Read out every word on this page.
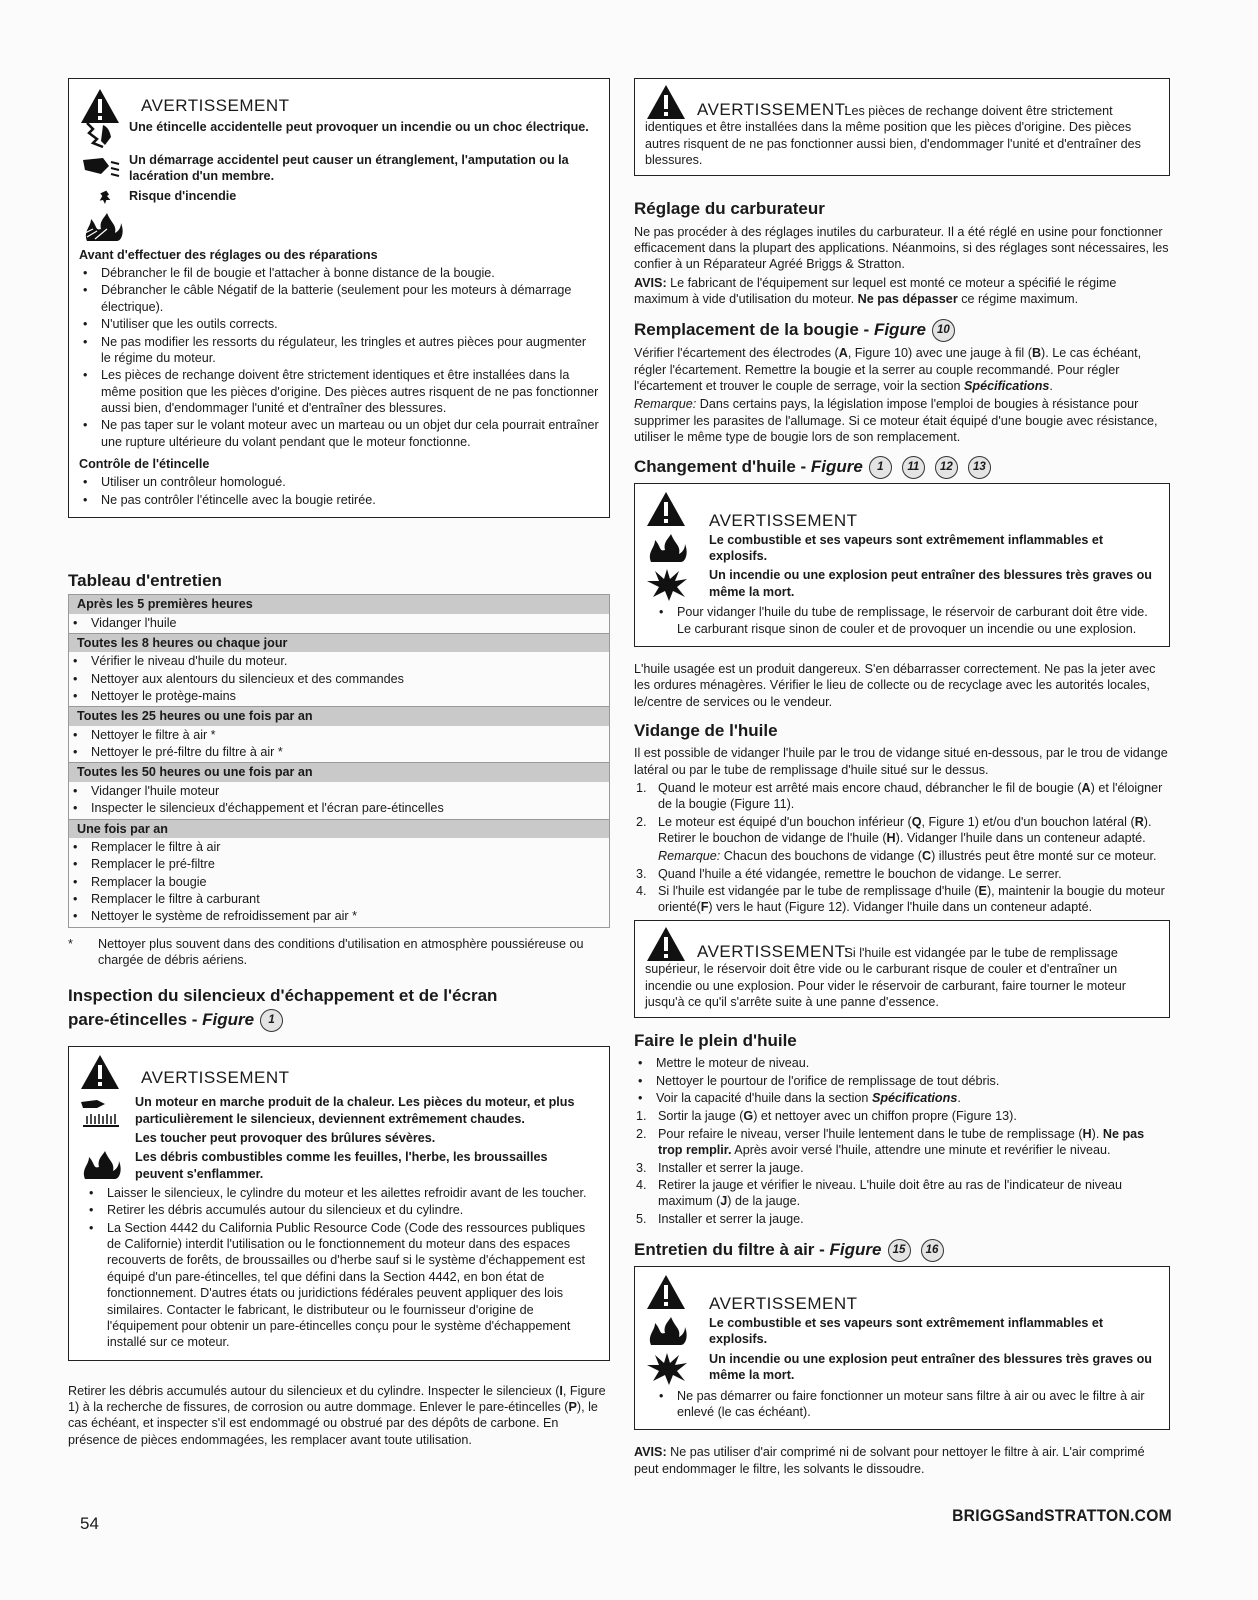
AVERTISSEMENT
Une étincelle accidentelle peut provoquer un incendie ou un choc électrique.
Un démarrage accidentel peut causer un étranglement, l'amputation ou la lacération d'un membre.
Risque d'incendie
Avant d'effectuer des réglages ou des réparations
• Débrancher le fil de bougie et l'attacher à bonne distance de la bougie.
• Débrancher le câble Négatif de la batterie (seulement pour les moteurs à démarrage électrique).
• N'utiliser que les outils corrects.
• Ne pas modifier les ressorts du régulateur, les tringles et autres pièces pour augmenter le régime du moteur.
• Les pièces de rechange doivent être strictement identiques et être installées dans la même position que les pièces d'origine. Des pièces autres risquent de ne pas fonctionner aussi bien, d'endommager l'unité et d'entraîner des blessures.
• Ne pas taper sur le volant moteur avec un marteau ou un objet dur cela pourrait entraîner une rupture ultérieure du volant pendant que le moteur fonctionne.
Contrôle de l'étincelle
• Utiliser un contrôleur homologué.
• Ne pas contrôler l'étincelle avec la bougie retirée.
Tableau d'entretien
Après les 5 premières heures
• Vidanger l'huile
Toutes les 8 heures ou chaque jour
• Vérifier le niveau d'huile du moteur.
• Nettoyer aux alentours du silencieux et des commandes
• Nettoyer le protège-mains
Toutes les 25 heures ou une fois par an
• Nettoyer le filtre à air *
• Nettoyer le pré-filtre du filtre à air *
Toutes les 50 heures ou une fois par an
• Vidanger l'huile moteur
• Inspecter le silencieux d'échappement et l'écran pare-étincelles
Une fois par an
• Remplacer le filtre à air
• Remplacer le pré-filtre
• Remplacer la bougie
• Remplacer le filtre à carburant
• Nettoyer le système de refroidissement par air *
*	Nettoyer plus souvent dans des conditions d'utilisation en atmosphère poussiéreuse ou chargée de débris aériens.
Inspection du silencieux d'échappement et de l'écran
pare-étincelles - Figure 1
AVERTISSEMENT
Un moteur en marche produit de la chaleur. Les pièces du moteur, et plus particulièrement le silencieux, deviennent extrêmement chaudes.
Les toucher peut provoquer des brûlures sévères.
Les débris combustibles comme les feuilles, l'herbe, les broussailles peuvent s'enflammer.
• Laisser le silencieux, le cylindre du moteur et les ailettes refroidir avant de les toucher.
• Retirer les débris accumulés autour du silencieux et du cylindre.
• La Section 4442 du California Public Resource Code (Code des ressources publiques de Californie) interdit l'utilisation ou le fonctionnement du moteur dans des espaces recouverts de forêts, de broussailles ou d'herbe sauf si le système d'échappement est équipé d'un pare-étincelles, tel que défini dans la Section 4442, en bon état de fonctionnement. D'autres états ou juridictions fédérales peuvent appliquer des lois similaires. Contacter le fabricant, le distributeur ou le fournisseur d'origine de l'équipement pour obtenir un pare-étincelles conçu pour le système d'échappement installé sur ce moteur.

Retirer les débris accumulés autour du silencieux et du cylindre. Inspecter le silencieux (I, Figure 1) à la recherche de fissures, de corrosion ou autre dommage. Enlever le pare-étincelles (P), le cas échéant, et inspecter s'il est endommagé ou obstrué par des dépôts de carbone. En présence de pièces endommagées, les remplacer avant toute utilisation.

AVERTISSEMENT:
Les pièces de rechange doivent être strictement identiques et être installées dans la même position que les pièces d'origine. Des pièces autres risquent de ne pas fonctionner aussi bien, d'endommager l'unité et d'entraîner des blessures.
Réglage du carburateur

Ne pas procéder à des réglages inutiles du carburateur. Il a été réglé en usine pour fonctionner efficacement dans la plupart des applications. Néanmoins, si des réglages sont nécessaires, les confier à un Réparateur Agréé Briggs & Stratton.

AVIS: Le fabricant de l'équipement sur lequel est monté ce moteur a spécifié le régime maximum à vide d'utilisation du moteur. Ne pas dépasser ce régime maximum.

Remplacement de la bougie - Figure 10

Vérifier l'écartement des électrodes (A, Figure 10) avec une jauge à fil (B). Le cas échéant, régler l'écartement. Remettre la bougie et la serrer au couple recommandé. Pour régler l'écartement et trouver le couple de serrage, voir la section Spécifications.

Remarque: Dans certains pays, la législation impose l'emploi de bougies à résistance pour supprimer les parasites de l'allumage. Si ce moteur était équipé d'une bougie avec résistance, utiliser le même type de bougie lors de son remplacement.

Changement d'huile - Figure 1 11 12 13
AVERTISSEMENT
Le combustible et ses vapeurs sont extrêmement inflammables et explosifs.
Un incendie ou une explosion peut entraîner des blessures très graves ou même la mort.
• Pour vidanger l'huile du tube de remplissage, le réservoir de carburant doit être vide. Le carburant risque sinon de couler et de provoquer un incendie ou une explosion.

L'huile usagée est un produit dangereux. S'en débarrasser correctement. Ne pas la jeter avec les ordures ménagères. Vérifier le lieu de collecte ou de recyclage avec les autorités locales, le/centre de services ou le vendeur.

Vidange de l'huile

Il est possible de vidanger l'huile par le trou de vidange situé en-dessous, par le trou de vidange latéral ou par le tube de remplissage d'huile situé sur le dessus.

1. Quand le moteur est arrêté mais encore chaud, débrancher le fil de bougie (A) et l'éloigner de la bougie (Figure 11).
2. Le moteur est équipé d'un bouchon inférieur (Q, Figure 1) et/ou d'un bouchon latéral (R). Retirer le bouchon de vidange de l'huile (H). Vidanger l'huile dans un conteneur adapté.
Remarque: Chacun des bouchons de vidange (C) illustrés peut être monté sur ce moteur.
3. Quand l'huile a été vidangée, remettre le bouchon de vidange. Le serrer.
4. Si l'huile est vidangée par le tube de remplissage d'huile (E), maintenir la bougie du moteur orienté(F) vers le haut (Figure 12). Vidanger l'huile dans un conteneur adapté.
AVERTISSEMENT:
Si l'huile est vidangée par le tube de remplissage supérieur, le réservoir doit être vide ou le carburant risque de couler et d'entraîner un incendie ou une explosion. Pour vider le réservoir de carburant, faire tourner le moteur jusqu'à ce qu'il s'arrête suite à une panne d'essence.
Faire le plein d'huile
• Mettre le moteur de niveau.
• Nettoyer le pourtour de l'orifice de remplissage de tout débris.
• Voir la capacité d'huile dans la section Spécifications.
1. Sortir la jauge (G) et nettoyer avec un chiffon propre (Figure 13).
2. Pour refaire le niveau, verser l'huile lentement dans le tube de remplissage (H). Ne pas trop remplir. Après avoir versé l'huile, attendre une minute et revérifier le niveau.
3. Installer et serrer la jauge.
4. Retirer la jauge et vérifier le niveau. L'huile doit être au ras de l'indicateur de niveau maximum (J) de la jauge.
5. Installer et serrer la jauge.
Entretien du filtre à air - Figure 15 16
AVERTISSEMENT
Le combustible et ses vapeurs sont extrêmement inflammables et explosifs.
Un incendie ou une explosion peut entraîner des blessures très graves ou même la mort.
• Ne pas démarrer ou faire fonctionner un moteur sans filtre à air ou avec le filtre à air enlevé (le cas échéant).

AVIS: Ne pas utiliser d'air comprimé ni de solvant pour nettoyer le filtre à air. L'air comprimé peut endommager le filtre, les solvants le dissoudre.

54	BRIGGSandSTRATTON.COM
